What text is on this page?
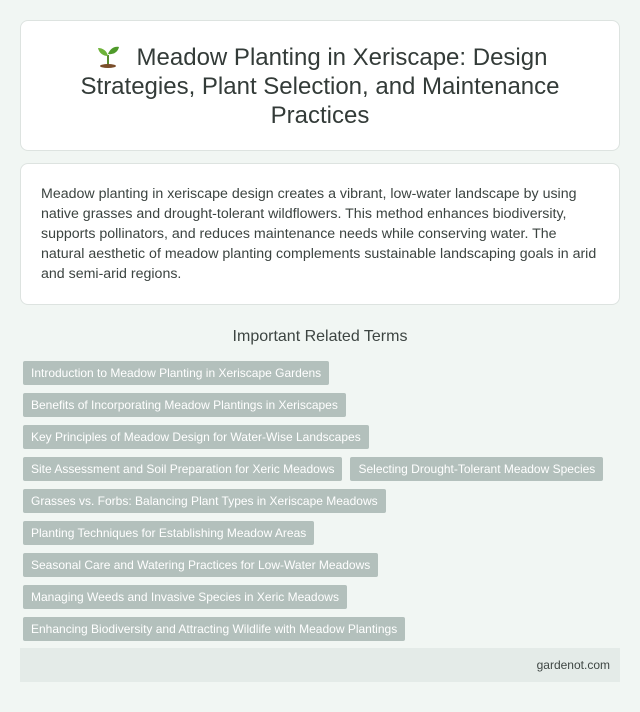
Meadow Planting in Xeriscape: Design Strategies, Plant Selection, and Maintenance Practices

Meadow planting in xeriscape design creates a vibrant, low-water landscape by using native grasses and drought-tolerant wildflowers. This method enhances biodiversity, supports pollinators, and reduces maintenance needs while conserving water. The natural aesthetic of meadow planting complements sustainable landscaping goals in arid and semi-arid regions.

Important Related Terms
Introduction to Meadow Planting in Xeriscape Gardens
Benefits of Incorporating Meadow Plantings in Xeriscapes
Key Principles of Meadow Design for Water-Wise Landscapes
Site Assessment and Soil Preparation for Xeric Meadows	Selecting Drought-Tolerant Meadow Species
Grasses vs. Forbs: Balancing Plant Types in Xeriscape Meadows
Planting Techniques for Establishing Meadow Areas
Seasonal Care and Watering Practices for Low-Water Meadows
Managing Weeds and Invasive Species in Xeric Meadows
Enhancing Biodiversity and Attracting Wildlife with Meadow Plantings
gardenot.com
